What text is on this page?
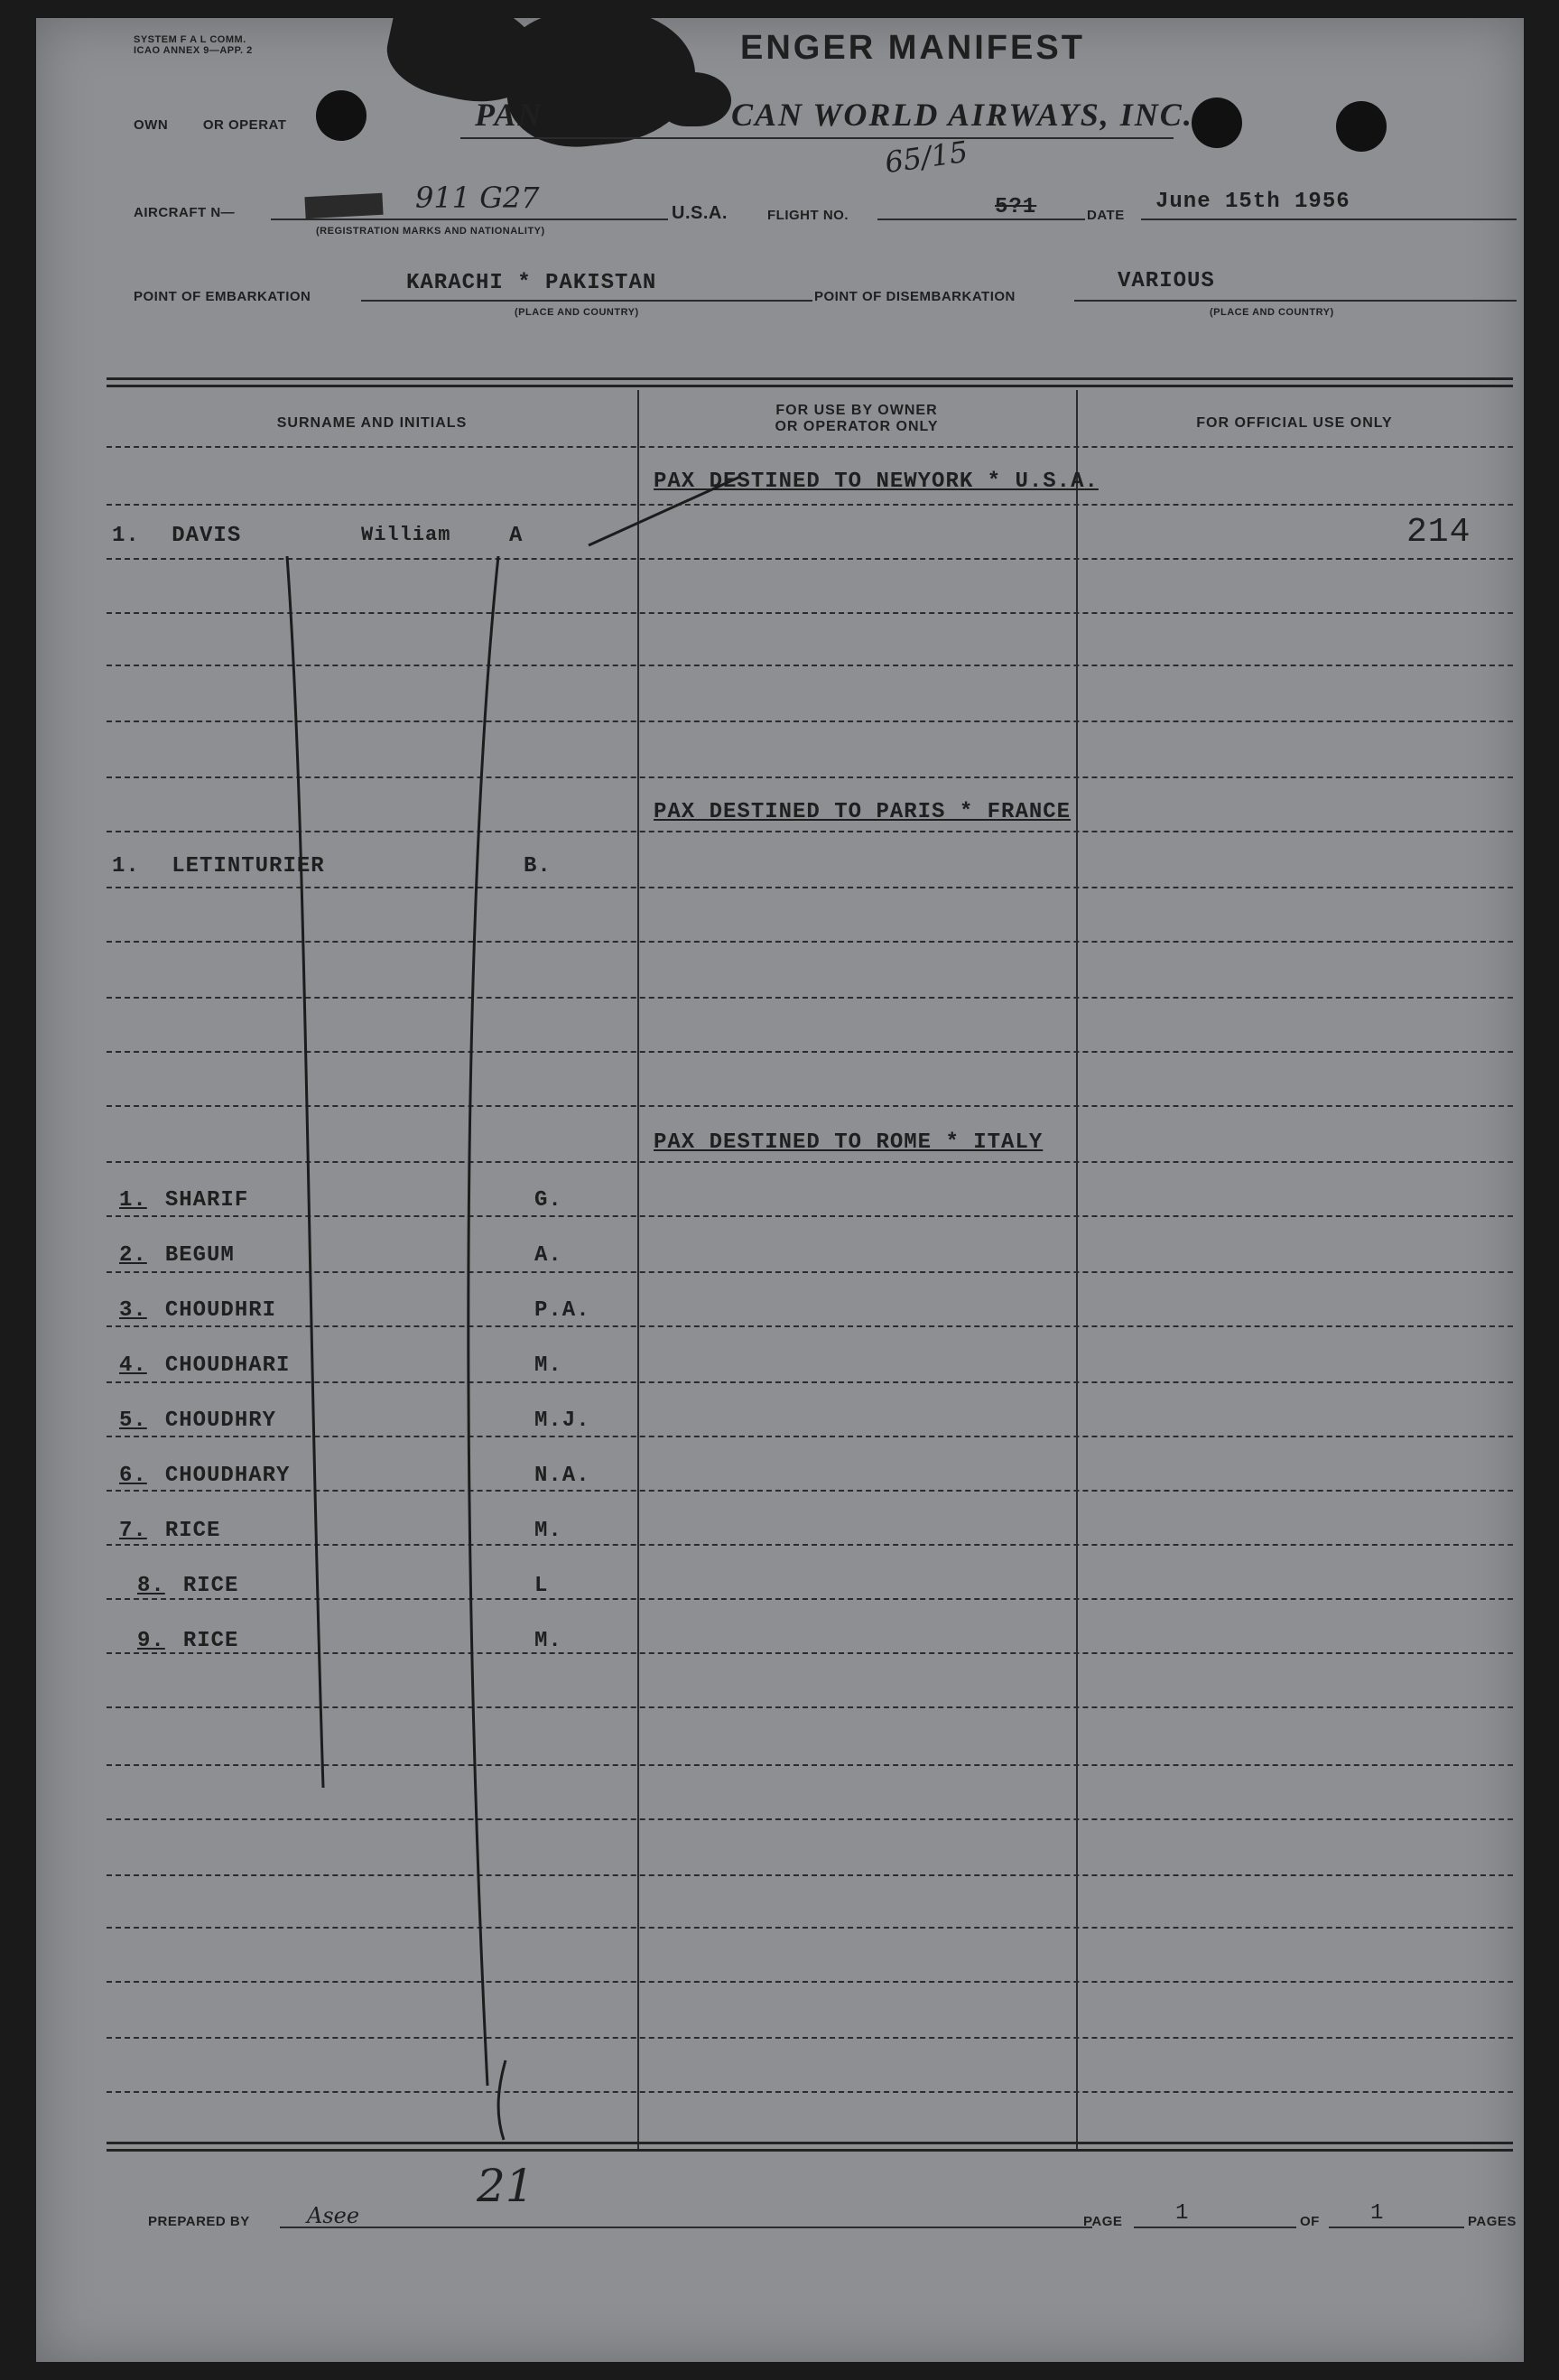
SYSTEM F A L COMM.
ICAO ANNEX 9—APP. 2	ENGER MANIFEST
OWN	OR OPERAT	PAN	CAN WORLD AIRWAYS, INC.
65/15
AIRCRAFT N—	911 G27
(REGISTRATION MARKS AND NATIONALITY)
U.S.A.	FLIGHT NO.	5?1	DATE
June 15th 1956
POINT OF EMBARKATION
KARACHI * PAKISTAN
(PLACE AND COUNTRY)
POINT OF DISEMBARKATION
VARIOUS
(PLACE AND COUNTRY)
SURNAME AND INITIALS
FOR USE BY OWNER
OR OPERATOR ONLY	FOR OFFICIAL USE ONLY
PAX DESTINED TO NEWYORK * U.S.A.
1. DAVIS	William	A	214
PAX DESTINED TO PARIS * FRANCE
1. LETINTURIER	B.
PAX DESTINED TO ROME * ITALY
1. SHARIF	G.
2. BEGUM	A.
3. CHOUDHRI	P.A.
4. CHOUDHARI	M.
5. CHOUDHRY	M.J.
6. CHOUDHARY	N.A.
7. RICE	M.
8. RICE	L
9. RICE	M.
21
PREPARED BY	Asee	PAGE 1	OF 1	PAGES
